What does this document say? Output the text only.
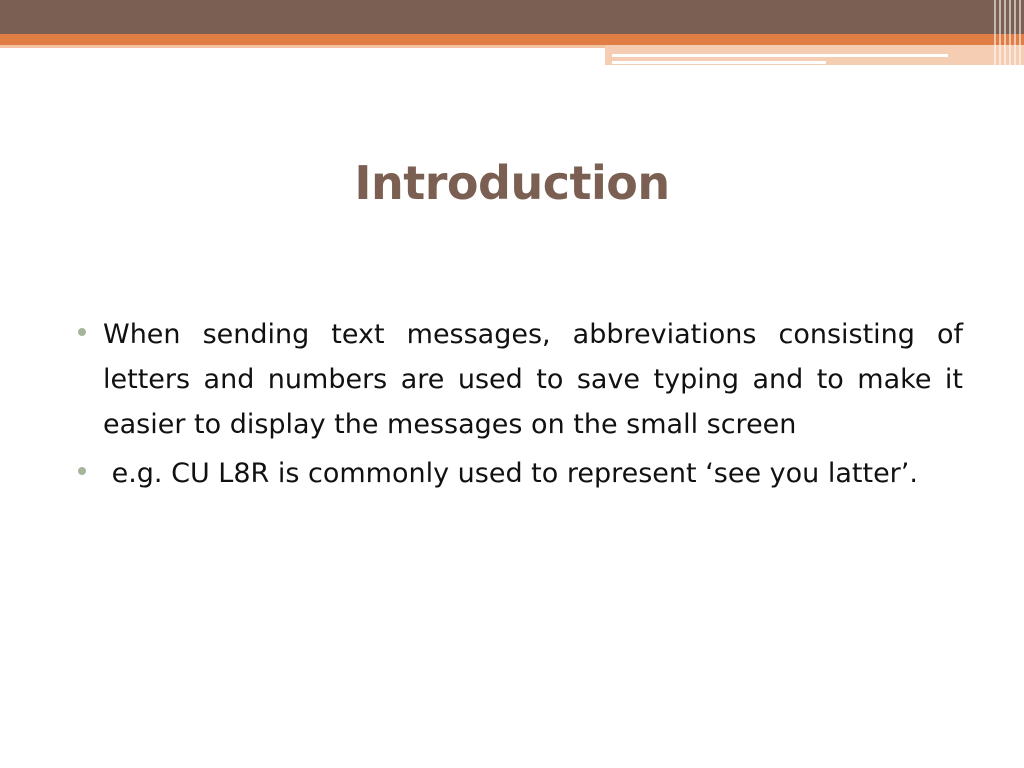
Introduction
When sending text messages, abbreviations consisting of letters and numbers are used to save typing and to make it easier to display the messages on the small screen
e.g. CU L8R is commonly used to represent ‘see you latter’.
